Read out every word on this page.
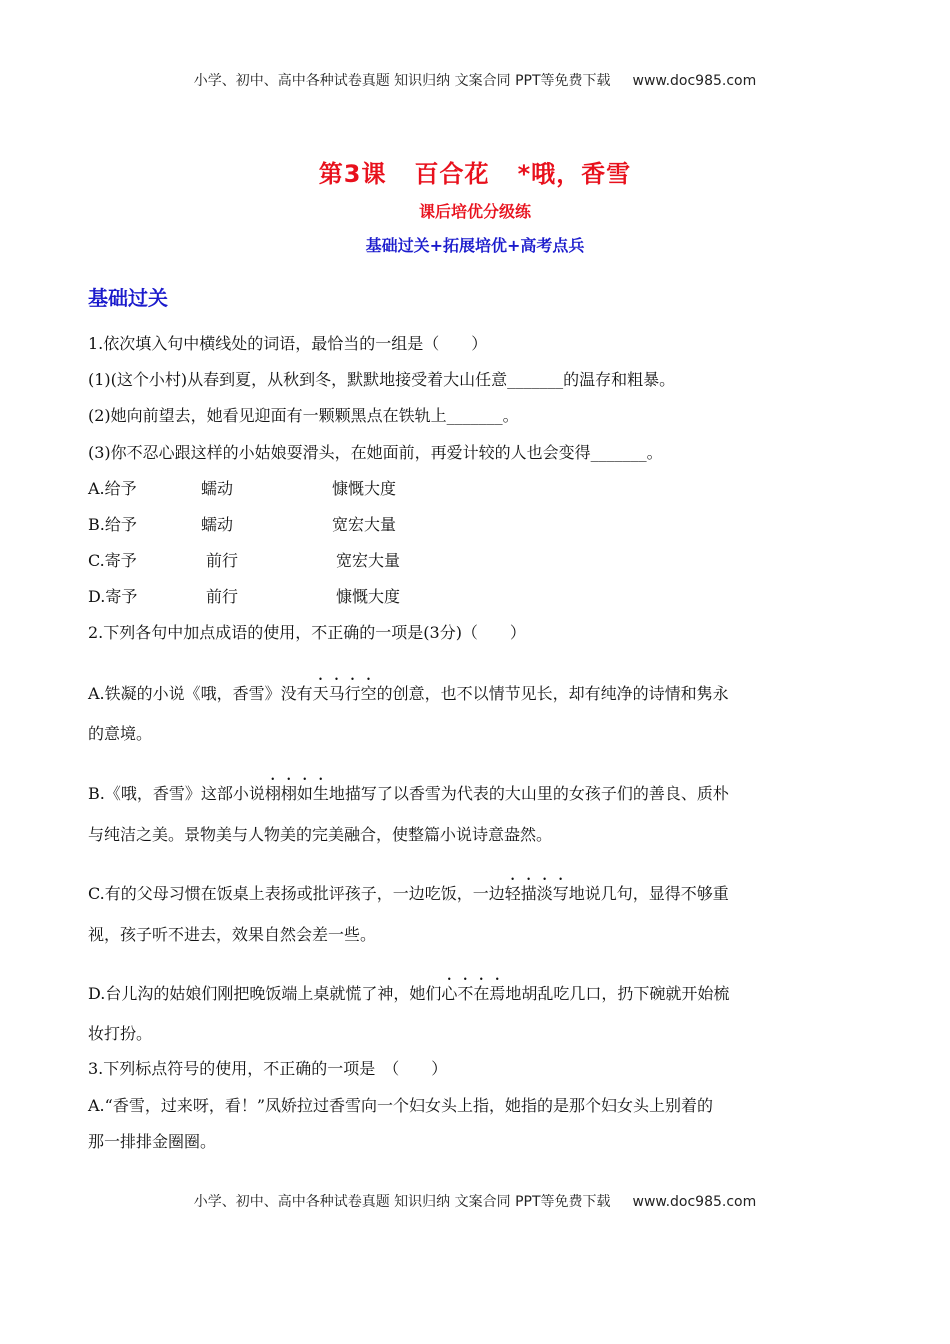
小学、初中、高中各种试卷真题 知识归纳 文案合同 PPT等免费下载 www.doc985.com
第3课   百合花   *哦，香雪
课后培优分级练
基础过关+拓展培优+高考点兵
基础过关
1.依次填入句中横线处的词语，最恰当的一组是（　　）
(1)(这个小村)从春到夏，从秋到冬，默默地接受着大山任意_______的温存和粗暴。
(2)她向前望去，她看见迎面有一颗颗黑点在铁轨上_______。
(3)你不忍心跟这样的小姑娘耍滑头，在她面前，再爱计较的人也会变得_______。
A.给予	蠕动	慷慨大度
B.给予	蠕动	宽宏大量
C.寄予	前行	宽宏大量
D.寄予	前行	慷慨大度
2.下列各句中加点成语的使用，不正确的一项是(3分)（　　）
A.铁凝的小说《哦，香雪》没有天马行空的创意，也不以情节见长，却有纯净的诗情和隽永
的意境。
B.《哦，香雪》这部小说栩栩如生地描写了以香雪为代表的大山里的女孩子们的善良、质朴
与纯洁之美。景物美与人物美的完美融合，使整篇小说诗意盎然。
C.有的父母习惯在饭桌上表扬或批评孩子，一边吃饭，一边轻描淡写地说几句，显得不够重
视，孩子听不进去，效果自然会差一些。
D.台儿沟的姑娘们刚把晚饭端上桌就慌了神，她们心不在焉地胡乱吃几口，扔下碗就开始梳
妆打扮。
3.下列标点符号的使用，不正确的一项是　（　　）
A.“香雪，过来呀，看！”凤娇拉过香雪向一个妇女头上指，她指的是那个妇女头上别着的
那一排排金圈圈。
小学、初中、高中各种试卷真题 知识归纳 文案合同 PPT等免费下载 www.doc985.com
